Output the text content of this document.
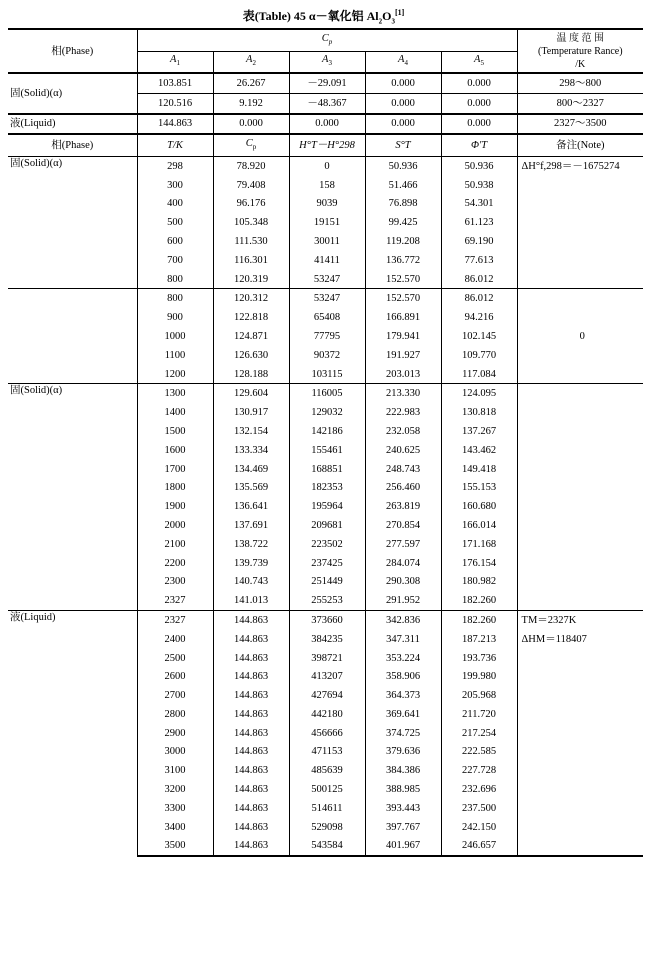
表(Table) 45 α－氧化铝 $Al_2O_3[1]$
相(Phase)	$C_p$					温 度 范 围
(Temperature Rance)
/K

	$A_1$	$A_2$	$A_3$	$A_4$	$A_5$
固(Solid)(α)	103.851	26.267	－29.091	0.000	0.000	298～800
	120.516	9.192	－48.367	0.000	0.000	800～2327
液(Liquid)	144.863	0.000	0.000	0.000	0.000	2327～3500
相(Phase)	T/K	$C_p$	H°T－H°298	S°T	Φ'T	备注(Note)
固(Solid)(α)	298	78.920	0	50.936	50.936	ΔH°f,298＝－1675274
	300	79.408	158	51.466	50.938	
	400	96.176	9039	76.898	54.301	
	500	105.348	19151	99.425	61.123	
	600	111.530	30011	119.208	69.190	
	700	116.301	41411	136.772	77.613	
	800	120.319	53247	152.570	86.012	
	800	120.312	53247	152.570	86.012	
	900	122.818	65408	166.891	94.216	
	1000	124.871	77795	179.941	102.145	0
	1100	126.630	90372	191.927	109.770	
	1200	128.188	103115	203.013	117.084	
固(Solid)(α)	1300	129.604	116005	213.330	124.095	
	1400	130.917	129032	222.983	130.818	
	1500	132.154	142186	232.058	137.267	
	1600	133.334	155461	240.625	143.462	
	1700	134.469	168851	248.743	149.418	
	1800	135.569	182353	256.460	155.153	
	1900	136.641	195964	263.819	160.680	
	2000	137.691	209681	270.854	166.014	
	2100	138.722	223502	277.597	171.168	
	2200	139.739	237425	284.074	176.154	
	2300	140.743	251449	290.308	180.982	
	2327	141.013	255253	291.952	182.260	
液(Liquid)	2327	144.863	373660	342.836	182.260	TM＝2327K
	2400	144.863	384235	347.311	187.213	ΔHM＝118407
	2500	144.863	398721	353.224	193.736	
	2600	144.863	413207	358.906	199.980	
	2700	144.863	427694	364.373	205.968	
	2800	144.863	442180	369.641	211.720	
	2900	144.863	456666	374.725	217.254	
	3000	144.863	471153	379.636	222.585	
	3100	144.863	485639	384.386	227.728	
	3200	144.863	500125	388.985	232.696	
	3300	144.863	514611	393.443	237.500	
	3400	144.863	529098	397.767	242.150	
	3500	144.863	543584	401.967	246.657	
